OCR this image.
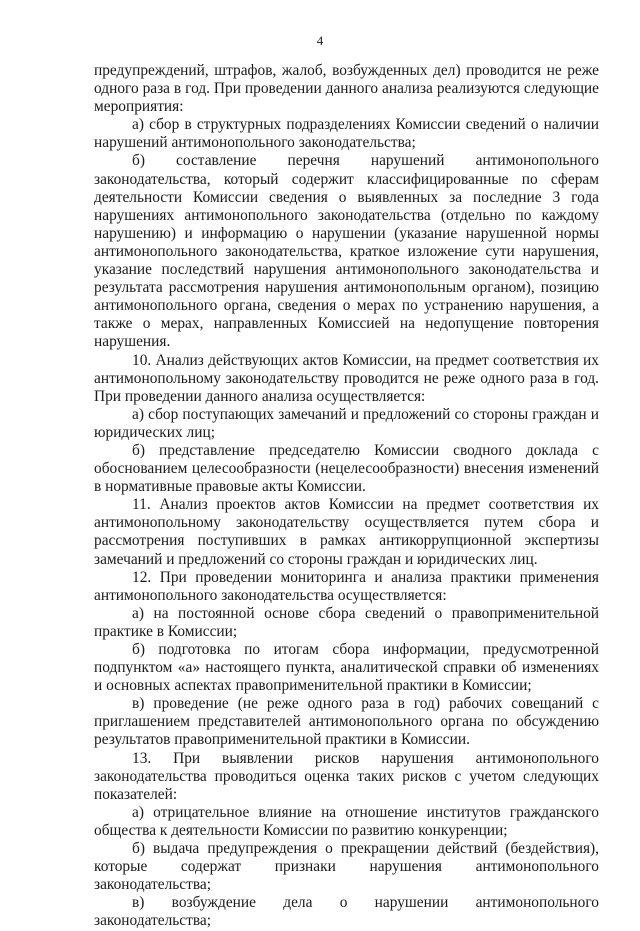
4

предупреждений, штрафов, жалоб, возбужденных дел) проводится не реже одного раза в год. При проведении данного анализа реализуются следующие мероприятия:

а) сбор в структурных подразделениях Комиссии сведений о наличии нарушений антимонопольного законодательства;

б) составление перечня нарушений антимонопольного законодательства, который содержит классифицированные по сферам деятельности Комиссии сведения о выявленных за последние 3 года нарушениях антимонопольного законодательства (отдельно по каждому нарушению) и информацию о нарушении (указание нарушенной нормы антимонопольного законодательства, краткое изложение сути нарушения, указание последствий нарушения антимонопольного законодательства и результата рассмотрения нарушения антимонопольным органом), позицию антимонопольного органа, сведения о мерах по устранению нарушения, а также о мерах, направленных Комиссией на недопущение повторения нарушения.

10. Анализ действующих актов Комиссии, на предмет соответствия их антимонопольному законодательству проводится не реже одного раза в год. При проведении данного анализа осуществляется:

а) сбор поступающих замечаний и предложений со стороны граждан и юридических лиц;

б) представление председателю Комиссии сводного доклада с обоснованием целесообразности (нецелесообразности) внесения изменений в нормативные правовые акты Комиссии.

11. Анализ проектов актов Комиссии на предмет соответствия их антимонопольному законодательству осуществляется путем сбора и рассмотрения поступивших в рамках антикоррупционной экспертизы замечаний и предложений со стороны граждан и юридических лиц.

12. При проведении мониторинга и анализа практики применения антимонопольного законодательства осуществляется:

а) на постоянной основе сбора сведений о правоприменительной практике в Комиссии;

б) подготовка по итогам сбора информации, предусмотренной подпунктом «а» настоящего пункта, аналитической справки об изменениях и основных аспектах правоприменительной практики в Комиссии;

в) проведение (не реже одного раза в год) рабочих совещаний с приглашением представителей антимонопольного органа по обсуждению результатов правоприменительной практики в Комиссии.

13. При выявлении рисков нарушения антимонопольного законодательства проводиться оценка таких рисков с учетом следующих показателей:

а) отрицательное влияние на отношение институтов гражданского общества к деятельности Комиссии по развитию конкуренции;

б) выдача предупреждения о прекращении действий (бездействия), которые содержат признаки нарушения антимонопольного законодательства;

в) возбуждение дела о нарушении антимонопольного законодательства;
